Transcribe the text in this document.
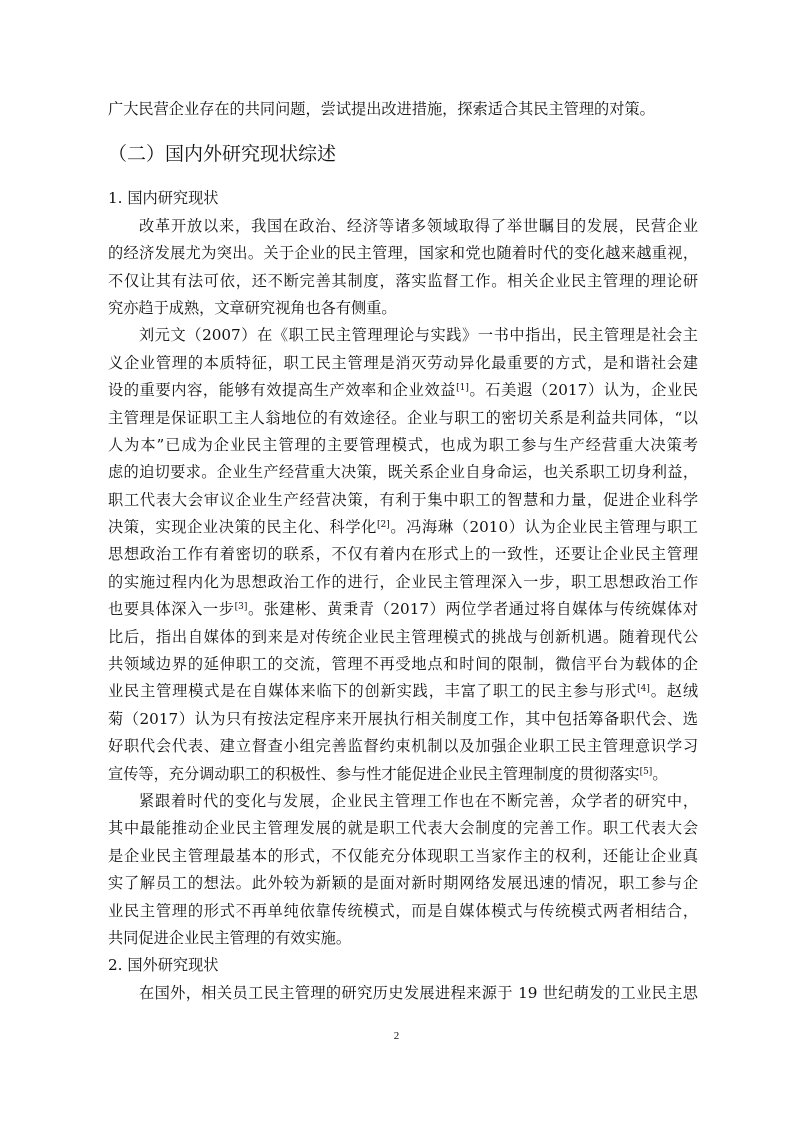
广大民营企业存在的共同问题，尝试提出改进措施，探索适合其民主管理的对策。
（二）国内外研究现状综述
1. 国内研究现状
改革开放以来，我国在政治、经济等诸多领域取得了举世瞩目的发展，民营企业
的经济发展尤为突出。关于企业的民主管理，国家和党也随着时代的变化越来越重视，
不仅让其有法可依，还不断完善其制度，落实监督工作。相关企业民主管理的理论研
究亦趋于成熟，文章研究视角也各有侧重。
刘元文（2007）在《职工民主管理理论与实践》一书中指出，民主管理是社会主
义企业管理的本质特征，职工民主管理是消灭劳动异化最重要的方式，是和谐社会建
设的重要内容，能够有效提高生产效率和企业效益[1]。石美遐（2017）认为，企业民
主管理是保证职工主人翁地位的有效途径。企业与职工的密切关系是利益共同体，“以
人为本”已成为企业民主管理的主要管理模式，也成为职工参与生产经营重大决策考
虑的迫切要求。企业生产经营重大决策，既关系企业自身命运，也关系职工切身利益，
职工代表大会审议企业生产经营决策，有利于集中职工的智慧和力量，促进企业科学
决策，实现企业决策的民主化、科学化[2]。冯海琳（2010）认为企业民主管理与职工
思想政治工作有着密切的联系，不仅有着内在形式上的一致性，还要让企业民主管理
的实施过程内化为思想政治工作的进行，企业民主管理深入一步，职工思想政治工作
也要具体深入一步[3]。张建彬、黄秉青（2017）两位学者通过将自媒体与传统媒体对
比后，指出自媒体的到来是对传统企业民主管理模式的挑战与创新机遇。随着现代公
共领域边界的延伸职工的交流，管理不再受地点和时间的限制，微信平台为载体的企
业民主管理模式是在自媒体来临下的创新实践，丰富了职工的民主参与形式[4]。赵绒
菊（2017）认为只有按法定程序来开展执行相关制度工作，其中包括筹备职代会、选
好职代会代表、建立督查小组完善监督约束机制以及加强企业职工民主管理意识学习
宣传等，充分调动职工的积极性、参与性才能促进企业民主管理制度的贯彻落实[5]。
紧跟着时代的变化与发展，企业民主管理工作也在不断完善，众学者的研究中，
其中最能推动企业民主管理发展的就是职工代表大会制度的完善工作。职工代表大会
是企业民主管理最基本的形式，不仅能充分体现职工当家作主的权利，还能让企业真
实了解员工的想法。此外较为新颖的是面对新时期网络发展迅速的情况，职工参与企
业民主管理的形式不再单纯依靠传统模式，而是自媒体模式与传统模式两者相结合，
共同促进企业民主管理的有效实施。
2. 国外研究现状
在国外，相关员工民主管理的研究历史发展进程来源于 19 世纪萌发的工业民主思
2
